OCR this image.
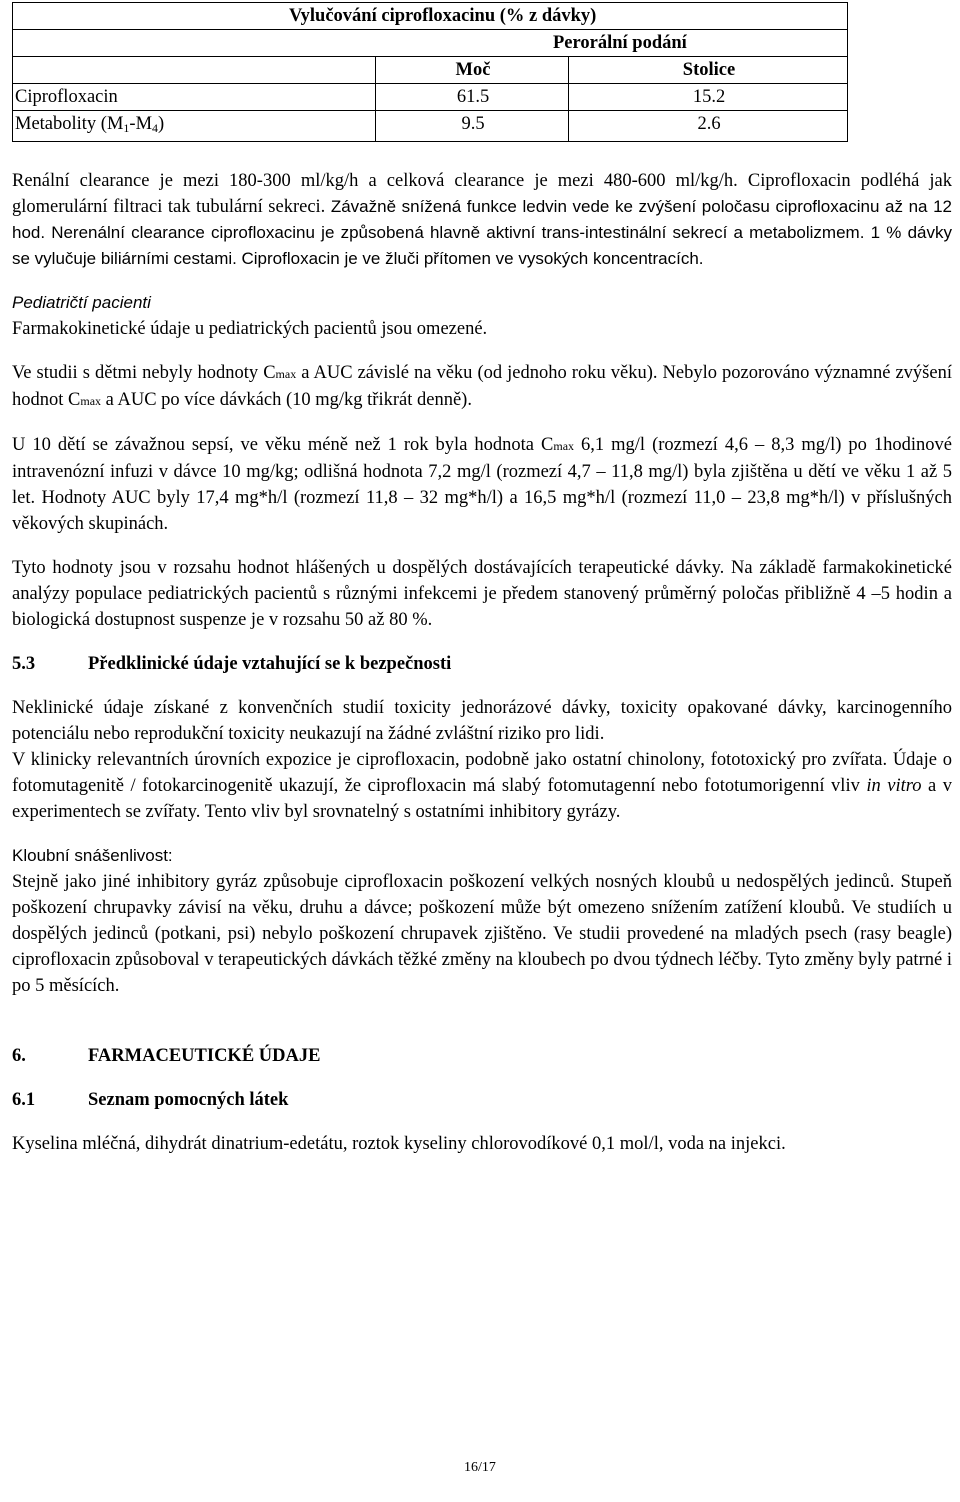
Vylučování ciprofloxacinu (% z dávky)		
Perorální podání		
	Moč	Stolice
Ciprofloxacin	61.5	15.2
Metabolity $(M_1-M_4)$	9.5	2.6

Renální clearance je mezi 180-300 ml/kg/h a celková clearance je mezi 480-600 ml/kg/h. Ciprofloxacin podléhá jak glomerulární filtraci tak tubulární sekreci. Závažně snížená funkce ledvin vede ke zvýšení poločasu ciprofloxacinu až na 12 hod. Nerenální clearance ciprofloxacinu je způsobená hlavně aktivní trans-intestinální sekrecí a metabolizmem. 1 % dávky se vylučuje biliárními cestami. Ciprofloxacin je ve žluči přítomen ve vysokých koncentracích.

Pediatričtí pacienti

Farmakokinetické údaje u pediatrických pacientů jsou omezené.

Ve studii s dětmi nebyly hodnoty Cmax a AUC závislé na věku (od jednoho roku věku). Nebylo pozorováno významné zvýšení hodnot Cmax a AUC po více dávkách (10 mg/kg třikrát denně).

U 10 dětí se závažnou sepsí, ve věku méně než 1 rok byla hodnota Cmax 6,1 mg/l (rozmezí 4,6 – 8,3 mg/l) po 1hodinové intravenózní infuzi v dávce 10 mg/kg; odlišná hodnota 7,2 mg/l (rozmezí 4,7 – 11,8 mg/l) byla zjištěna u dětí ve věku 1 až 5 let. Hodnoty AUC byly 17,4 mg*h/l (rozmezí 11,8 – 32 mg*h/l) a 16,5 mg*h/l (rozmezí 11,0 – 23,8 mg*h/l) v příslušných věkových skupinách.

Tyto hodnoty jsou v rozsahu hodnot hlášených u dospělých dostávajících terapeutické dávky. Na základě farmakokinetické analýzy populace pediatrických pacientů s různými infekcemi je předem stanovený průměrný poločas přibližně 4 –5 hodin a biologická dostupnost suspenze je v rozsahu 50 až 80 %.

5.3	Předklinické údaje vztahující se k bezpečnosti

Neklinické údaje získané z konvenčních studií toxicity jednorázové dávky, toxicity opakované dávky, karcinogenního potenciálu nebo reprodukční toxicity neukazují na žádné zvláštní riziko pro lidi.

V klinicky relevantních úrovních expozice je ciprofloxacin, podobně jako ostatní chinolony, fototoxický pro zvířata. Údaje o fotomutagenitě / fotokarcinogenitě ukazují, že ciprofloxacin má slabý fotomutagenní nebo fototumorigenní vliv in vitro a v experimentech se zvířaty. Tento vliv byl srovnatelný s ostatními inhibitory gyrázy.

Kloubní snášenlivost:

Stejně jako jiné inhibitory gyráz způsobuje ciprofloxacin poškození velkých nosných kloubů u nedospělých jedinců. Stupeň poškození chrupavky závisí na věku, druhu a dávce; poškození může být omezeno snížením zatížení kloubů. Ve studiích u dospělých jedinců (potkani, psi) nebylo poškození chrupavek zjištěno. Ve studii provedené na mladých psech (rasy beagle) ciprofloxacin způsoboval v terapeutických dávkách těžké změny na kloubech po dvou týdnech léčby. Tyto změny byly patrné i po 5 měsících.

6.	FARMACEUTICKÉ ÚDAJE
6.1	Seznam pomocných látek

Kyselina mléčná, dihydrát dinatrium-edetátu, roztok kyseliny chlorovodíkové 0,1 mol/l, voda na injekci.

16/17
